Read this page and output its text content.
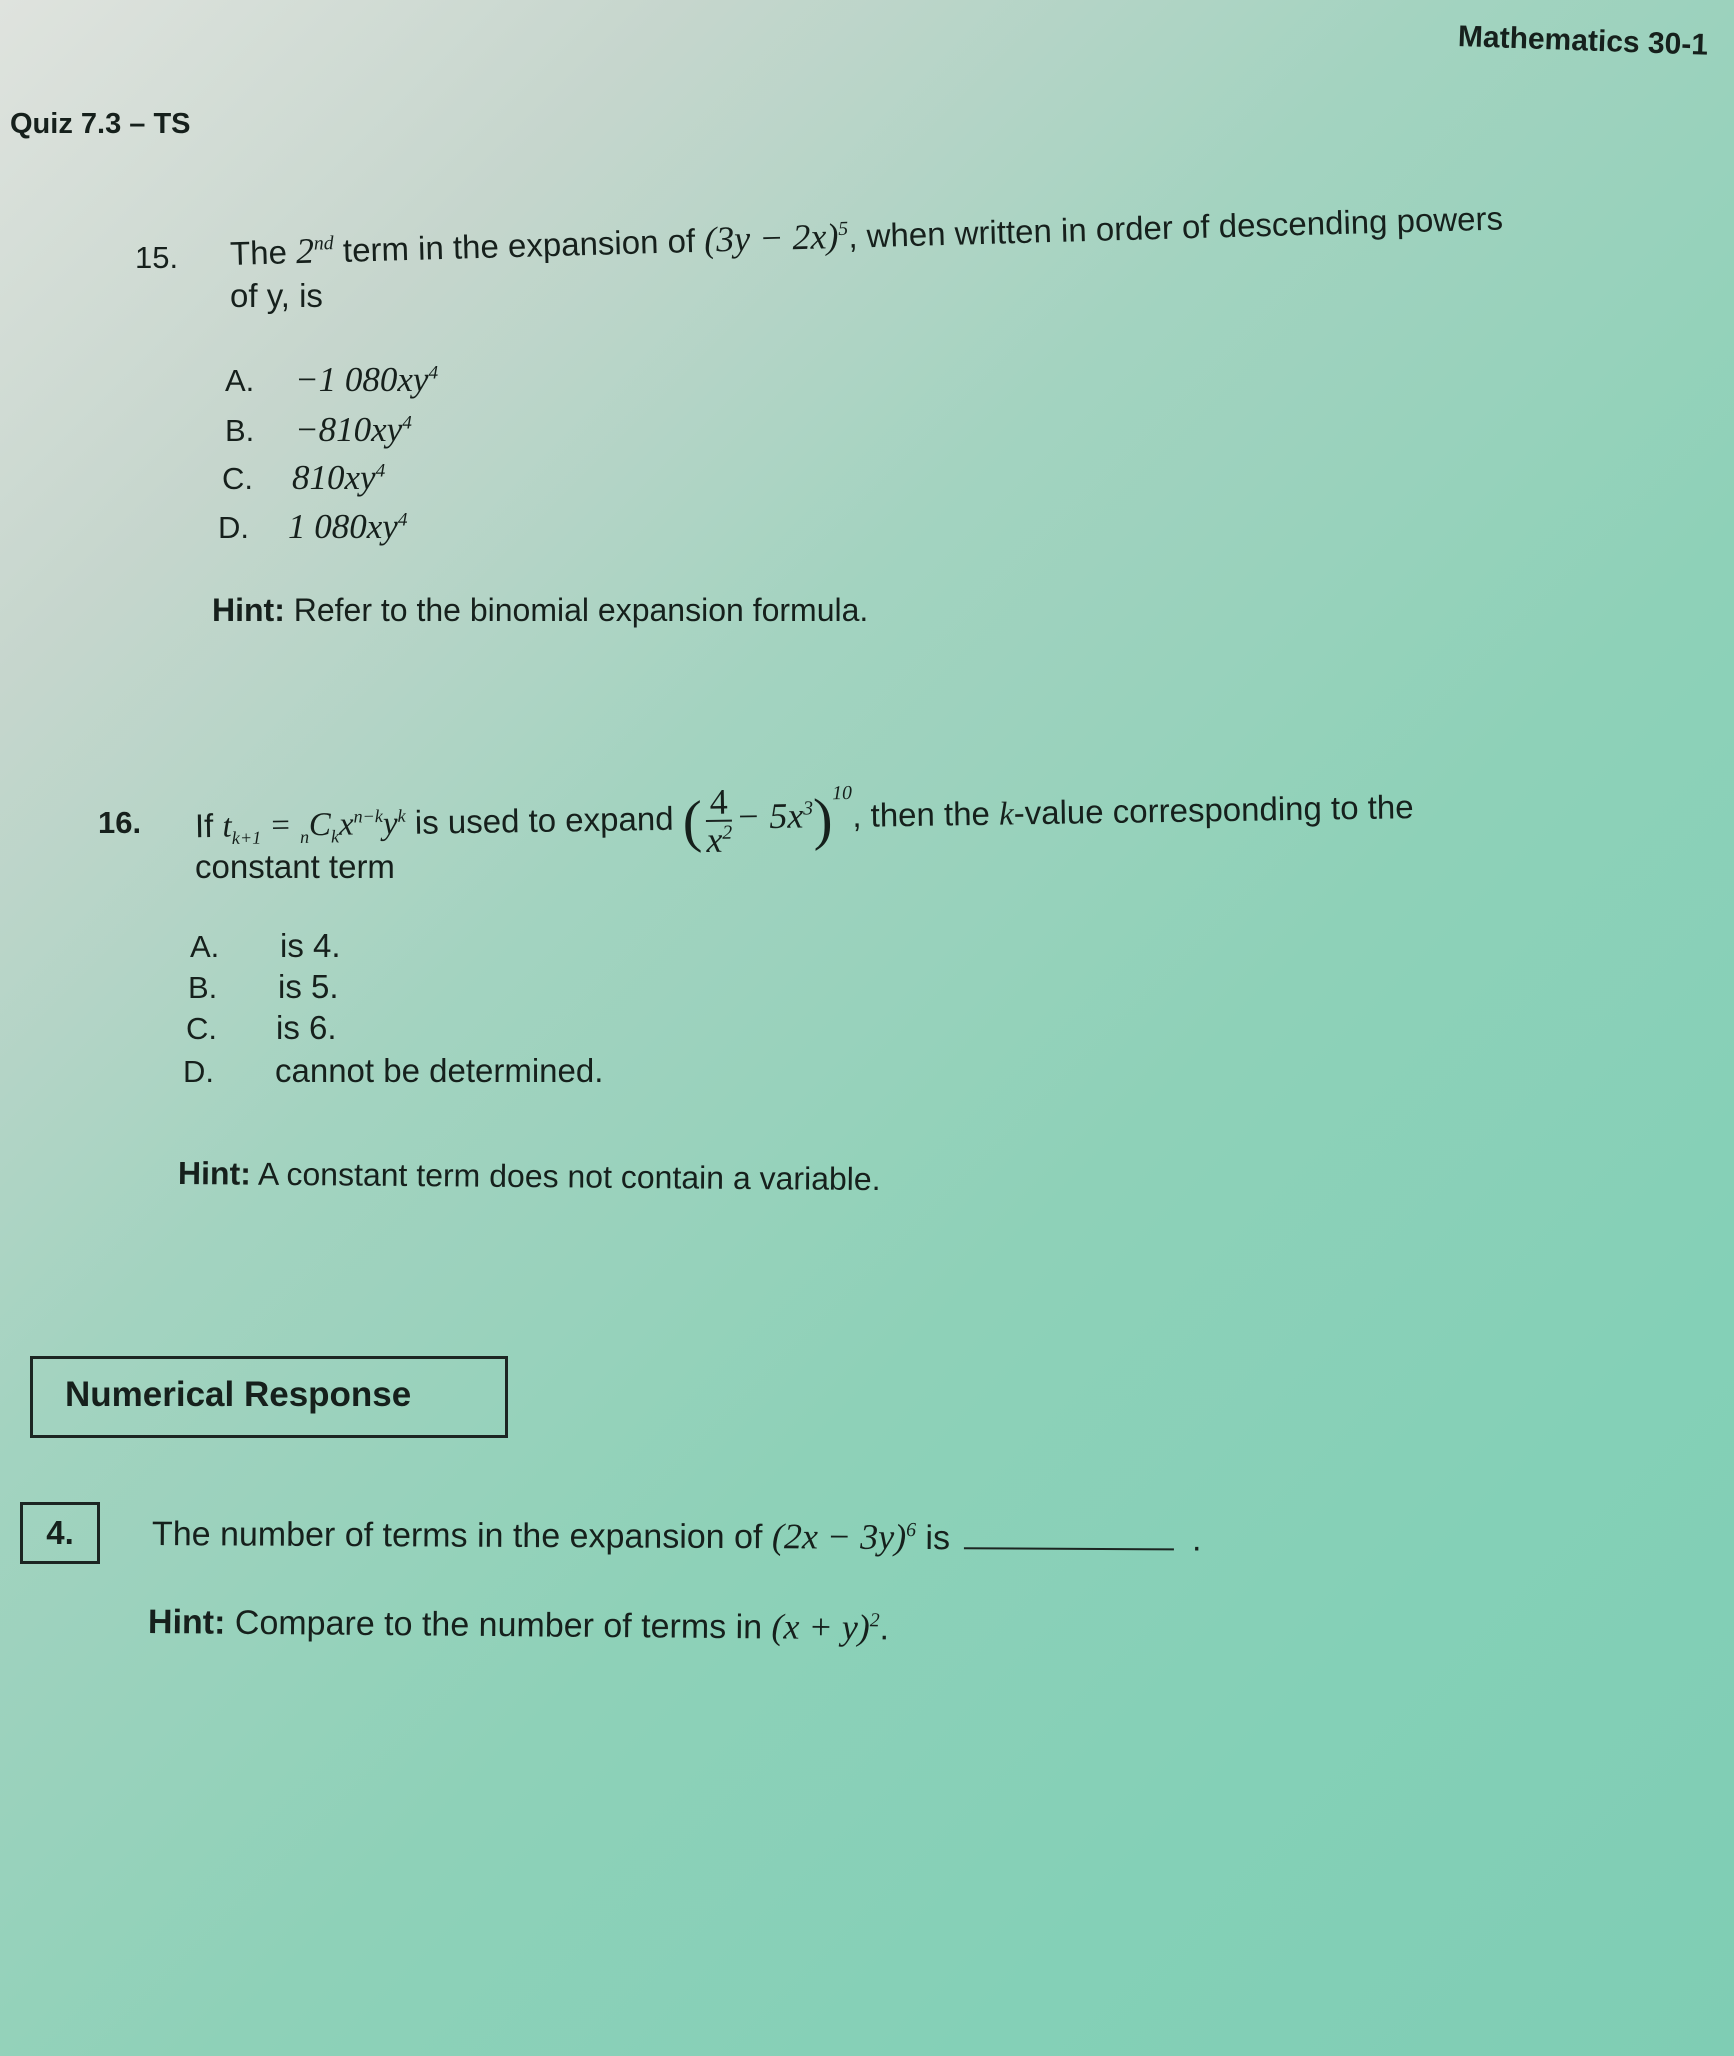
Mathematics 30-1
Quiz 7.3 – TS
15. The 2nd term in the expansion of $(3y - 2x)^5$, when written in order of descending powers
of y, is
A. −1 $080xy^4$
B. $-810xy^4$
C. $810xy^4$
D. 1 $080xy^4$
Hint: Refer to the binomial expansion formula.
16. If $t_{k+1} = _nC_kx^{n-k}y^k$ is used to expand ( $\frac{4}{x^2} - 5x^3)^{10}$, then the k-value corresponding to the
constant term
A. is 4.
B. is 5.
C. is 6.
D. cannot be determined.
Hint: A constant term does not contain a variable.
Numerical Response
4.	The number of terms in the expansion of $(2x - 3y)^6$ is	.
Hint: Compare to the number of terms in $(x + y)^2$.
